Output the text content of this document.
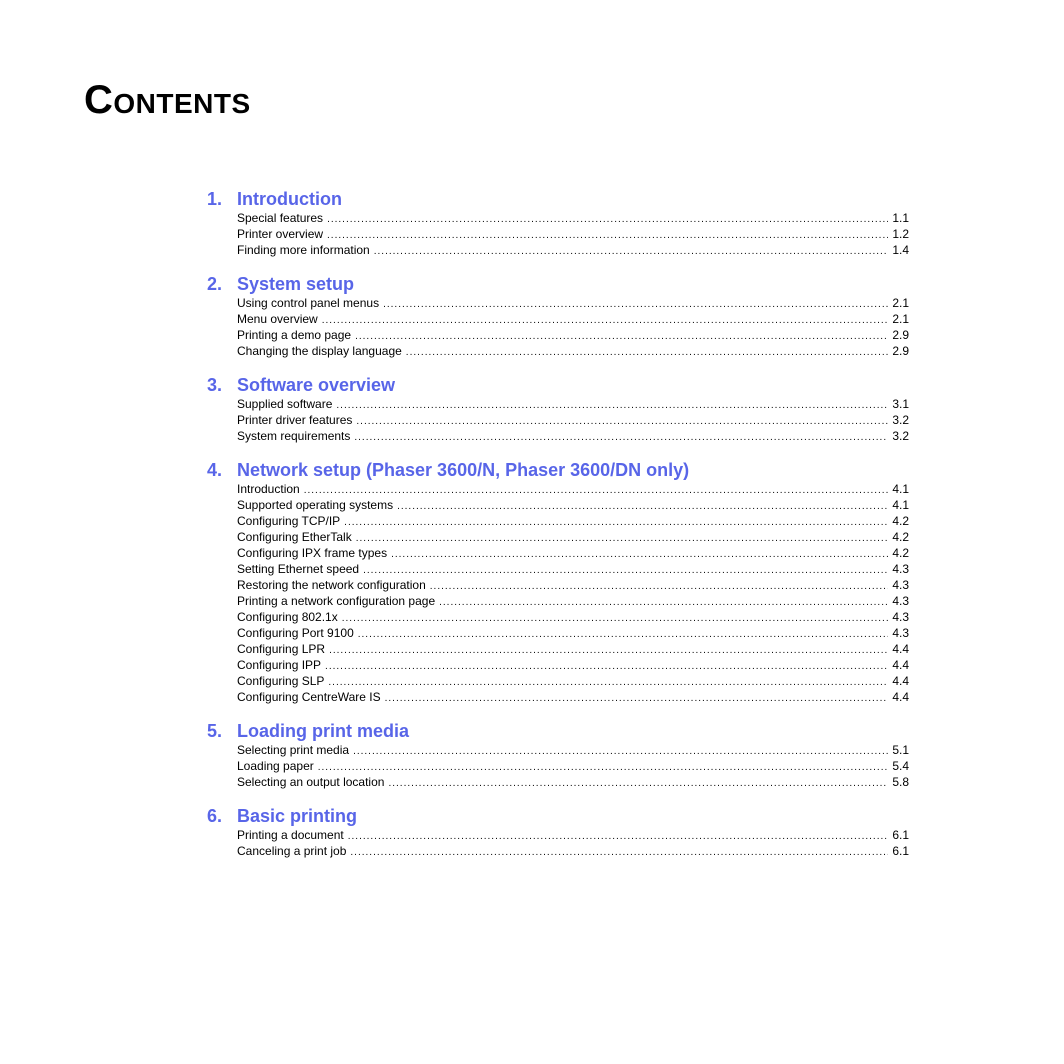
CONTENTS
1. Introduction
Special features .....	1.1
Printer overview .....	1.2
Finding more information .....	1.4
2. System setup
Using control panel menus .....	2.1
Menu overview .....	2.1
Printing a demo page .....	2.9
Changing the display language .....	2.9
3. Software overview
Supplied software .....	3.1
Printer driver features .....	3.2
System requirements .....	3.2
4. Network setup (Phaser 3600/N, Phaser 3600/DN only)
Introduction .....	4.1
Supported operating systems .....	4.1
Configuring TCP/IP .....	4.2
Configuring EtherTalk .....	4.2
Configuring IPX frame types .....	4.2
Setting Ethernet speed .....	4.3
Restoring the network configuration .....	4.3
Printing a network configuration page .....	4.3
Configuring 802.1x .....	4.3
Configuring Port 9100 .....	4.3
Configuring LPR .....	4.4
Configuring IPP .....	4.4
Configuring SLP .....	4.4
Configuring CentreWare IS .....	4.4
5. Loading print media
Selecting print media .....	5.1
Loading paper .....	5.4
Selecting an output location .....	5.8
6. Basic printing
Printing a document .....	6.1
Canceling a print job .....	6.1
